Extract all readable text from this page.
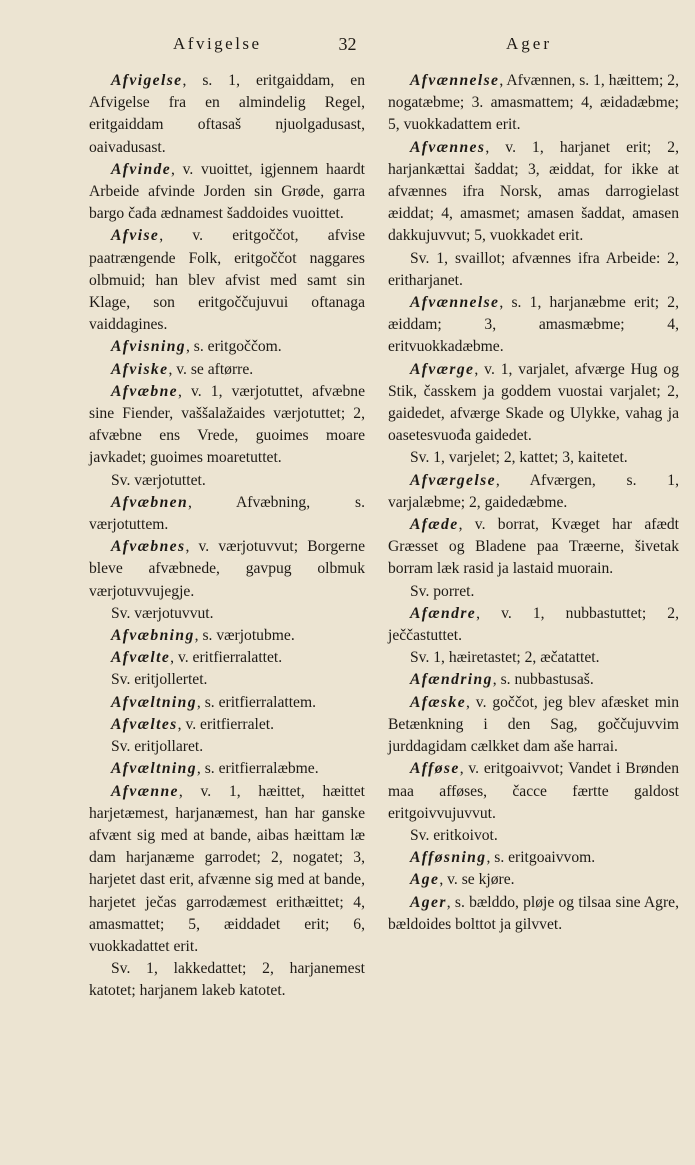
Afvigelse	32	Ager

Afvigelse, s. 1, eritgaiddam, en Afvigelse fra en almindelig Regel, eritgaiddam oftasaš njuolgadusast, oaivadusast.

Afvinde, v. vuoittet, igjennem haardt Arbeide afvinde Jorden sin Grøde, garra bargo čađa ædnamest šaddoides vuoittet.

Afvise, v. eritgoččot, afvise paatrængende Folk, eritgoččot naggares olbmuid; han blev afvist med samt sin Klage, son eritgoččujuvui oftanaga vaiddagines.

Afvisning, s. eritgoččom.

Afviske, v. se aftørre.

Afvæbne, v. 1, værjotuttet, afvæbne sine Fiender, vaššalažaides værjotuttet; 2, afvæbne ens Vrede, guoimes moare javkadet; guoimes moaretuttet.

Sv. værjotuttet.

Afvæbnen, Afvæbning, s. værjotuttem.

Afvæbnes, v. værjotuvvut; Borgerne bleve afvæbnede, gavpug olbmuk værjotuvvujegje.

Sv. værjotuvvut.

Afvæbning, s. værjotubme.

Afvælte, v. eritfierralattet.

Sv. eritjollertet.

Afvæltning, s. eritfierralattem.

Afvæltes, v. eritfierralet.

Sv. eritjollaret.

Afvæltning, s. eritfierralæbme.

Afvænne, v. 1, hæittet, hæittet harjetæmest, harjanæmest, han har ganske afvænt sig med at bande, aibas hæittam læ dam harjanæme garrodet; 2, nogatet; 3, harjetet dast erit, afvænne sig med at bande, harjetet ječas garrodæmest erithæittet; 4, amasmattet; 5, æiddadet erit; 6, vuokkadattet erit.

Sv. 1, lakkedattet; 2, harjanemest katotet; harjanem lakeb katotet.

Afvænnelse, Afvænnen, s. 1, hæittem; 2, nogatæbme; 3. amasmattem; 4, æidadæbme; 5, vuokkadattem erit.

Afvænnes, v. 1, harjanet erit; 2, harjankættai šaddat; 3, æiddat, for ikke at afvænnes ifra Norsk, amas darrogielast æiddat; 4, amasmet; amasen šaddat, amasen dakkujuvvut; 5, vuokkadet erit.

Sv. 1, svaillot; afvænnes ifra Arbeide: 2, eritharjanet.

Afvænnelse, s. 1, harjanæbme erit; 2, æiddam; 3, amasmæbme; 4, eritvuokkadæbme.

Afværge, v. 1, varjalet, afværge Hug og Stik, časskem ja goddem vuostai varjalet; 2, gaidedet, afværge Skade og Ulykke, vahag ja oasetesvuođa gaidedet.

Sv. 1, varjelet; 2, kattet; 3, kaitetet.

Afværgelse, Afværgen, s. 1, varjalæbme; 2, gaidedæbme.

Afæde, v. borrat, Kvæget har afædt Græsset og Bladene paa Træerne, šivetak borram læk rasid ja lastaid muorain.

Sv. porret.

Afændre, v. 1, nubbastuttet; 2, ječčastuttet.

Sv. 1, hæiretastet; 2, æčatattet.

Afændring, s. nubbastusaš.

Afæske, v. goččot, jeg blev afæsket min Betænkning i den Sag, goččujuvvim jurddagidam cælkket dam aše harrai.

Afføse, v. eritgoaivvot; Vandet i Brønden maa afføses, čacce færtte galdost eritgoivvujuvvut.

Sv. eritkoivot.

Afføsning, s. eritgoaivvom.

Age, v. se kjøre.

Ager, s. bælddo, pløje og tilsaa sine Agre, bældoides bolttot ja gilvvet.
